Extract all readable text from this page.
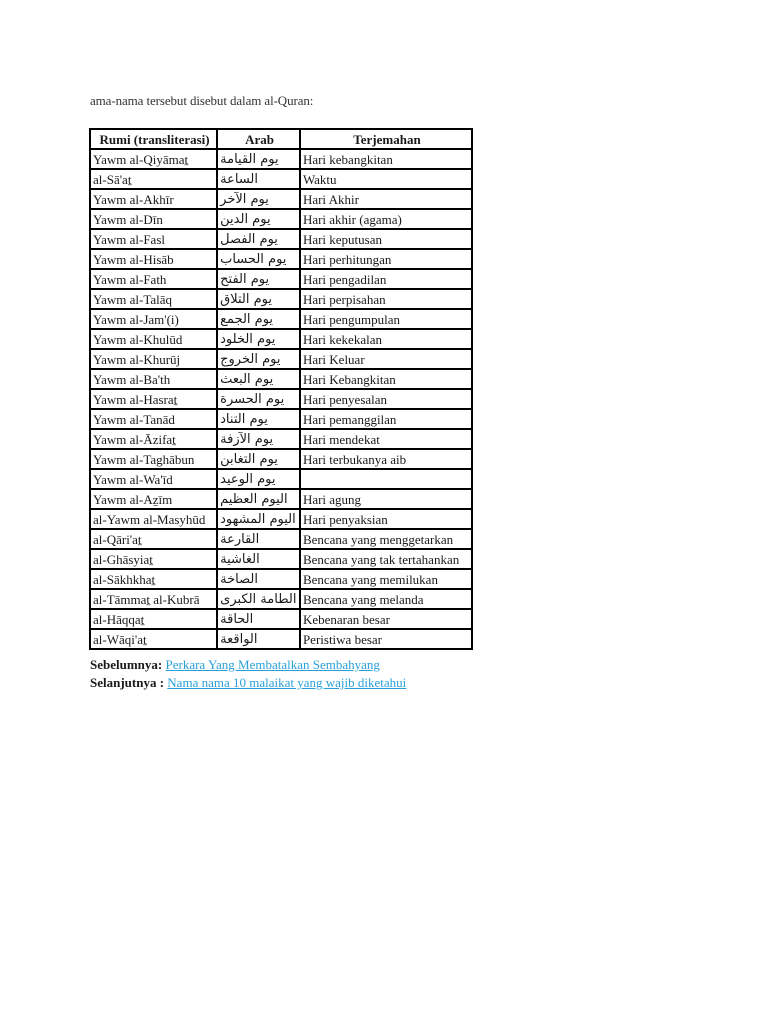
ama-nama tersebut disebut dalam al-Quran:
Rumi (transliterasi)	Arab	Terjemahan
Yawm al-Qiyāmaṯ	يوم القيامة	Hari kebangkitan
al-Sā'aṯ	الساعة	Waktu
Yawm al-Akhīr	يوم الآخر	Hari Akhir
Yawm al-Dīn	يوم الدين	Hari akhir (agama)
Yawm al-Fasl	يوم الفصل	Hari keputusan
Yawm al-Hisāb	يوم الحساب	Hari perhitungan
Yawm al-Fath	يوم الفتح	Hari pengadilan
Yawm al-Talāq	يوم التلاق	Hari perpisahan
Yawm al-Jam'(i)	يوم الجمع	Hari pengumpulan
Yawm al-Khulūd	يوم الخلود	Hari kekekalan
Yawm al-Khurūj	يوم الخروج	Hari Keluar
Yawm al-Ba'th	يوم البعث	Hari Kebangkitan
Yawm al-Hasraṯ	يوم الحسرة	Hari penyesalan
Yawm al-Tanād	يوم التناد	Hari pemanggilan
Yawm al-Āzifaṯ	يوم الآزفة	Hari mendekat
Yawm al-Taghābun	يوم التغابن	Hari terbukanya aib
Yawm al-Wa'īd	يوم الوعيد	
Yawm al-Aẕīm	اليوم العظيم	Hari agung
al-Yawm al-Masyhūd	اليوم المشهود	Hari penyaksian
al-Qāri'aṯ	القارعة	Bencana yang menggetarkan
al-Ghāsyiaṯ	الغاشية	Bencana yang tak tertahankan
al-Sākhkhaṯ	الصاخة	Bencana yang memilukan
al-Tāmmaṯ al-Kubrā	الطامة الكبرى	Bencana yang melanda
al-Hāqqaṯ	الحاقة	Kebenaran besar
al-Wāqi'aṯ	الواقعة	Peristiwa besar
Sebelumnya: Perkara Yang Membatalkan Sembahyang
Selanjutnya : Nama nama 10 malaikat yang wajib diketahui
